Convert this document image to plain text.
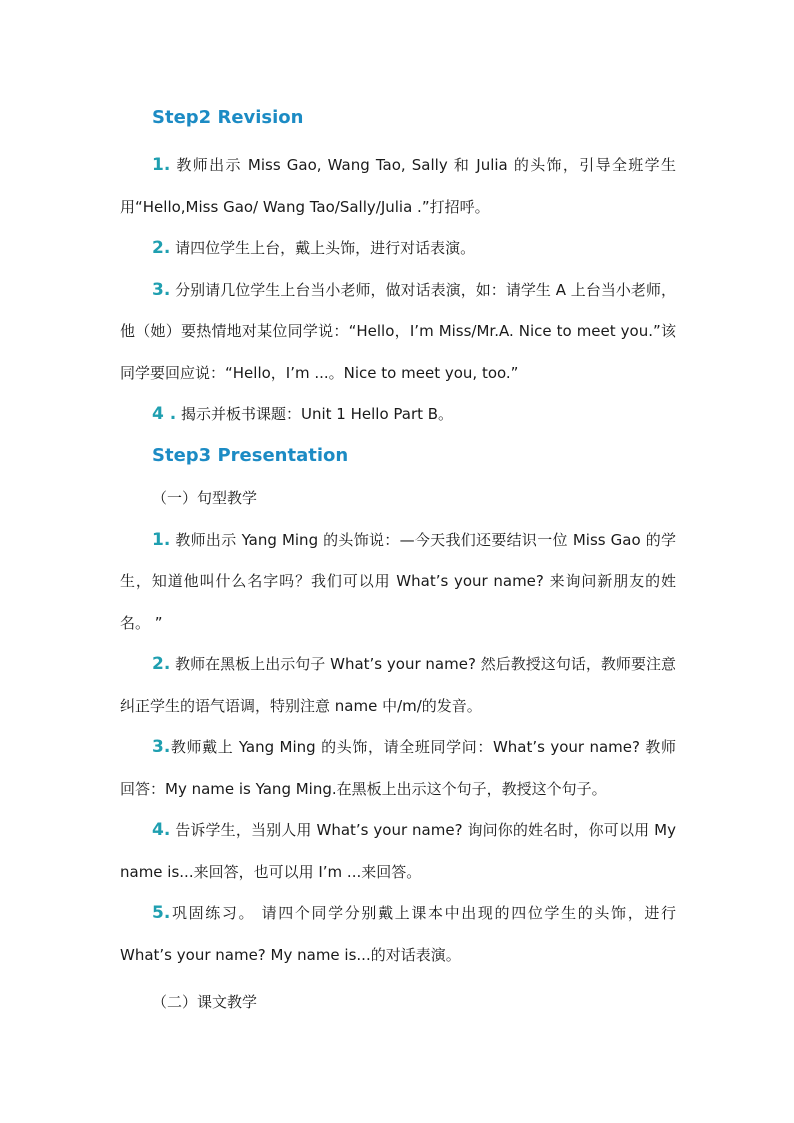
Step2 Revision
1. 教师出示 Miss Gao, Wang Tao, Sally 和 Julia 的头饰，引导全班学生用“Hello,Miss Gao/ Wang Tao/Sally/Julia .”打招呼。
2. 请四位学生上台，戴上头饰，进行对话表演。
3. 分别请几位学生上台当小老师，做对话表演，如：请学生 A 上台当小老师，他（她）要热情地对某位同学说：“Hello，I’m Miss/Mr.A. Nice to meet you.”该同学要回应说：“Hello，I’m ...。Nice to meet you, too.”
4 . 揭示并板书课题：Unit 1 Hello Part B。
Step3 Presentation
（一）句型教学
1. 教师出示 Yang Ming 的头饰说：—今天我们还要结识一位 Miss Gao 的学生，知道他叫什么名字吗？我们可以用 What’s your name? 来询问新朋友的姓名。 ”
2. 教师在黑板上出示句子 What’s your name? 然后教授这句话，教师要注意纠正学生的语气语调，特别注意 name 中/m/的发音。
3.教师戴上 Yang Ming 的头饰，请全班同学问：What’s your name? 教师回答：My name is Yang Ming.在黑板上出示这个句子，教授这个句子。
4. 告诉学生，当别人用 What’s your name? 询问你的姓名时，你可以用 My name is...来回答，也可以用 I’m ...来回答。
5.巩固练习。 请四个同学分别戴上课本中出现的四位学生的头饰，进行 What’s your name? My name is...的对话表演。
（二）课文教学
